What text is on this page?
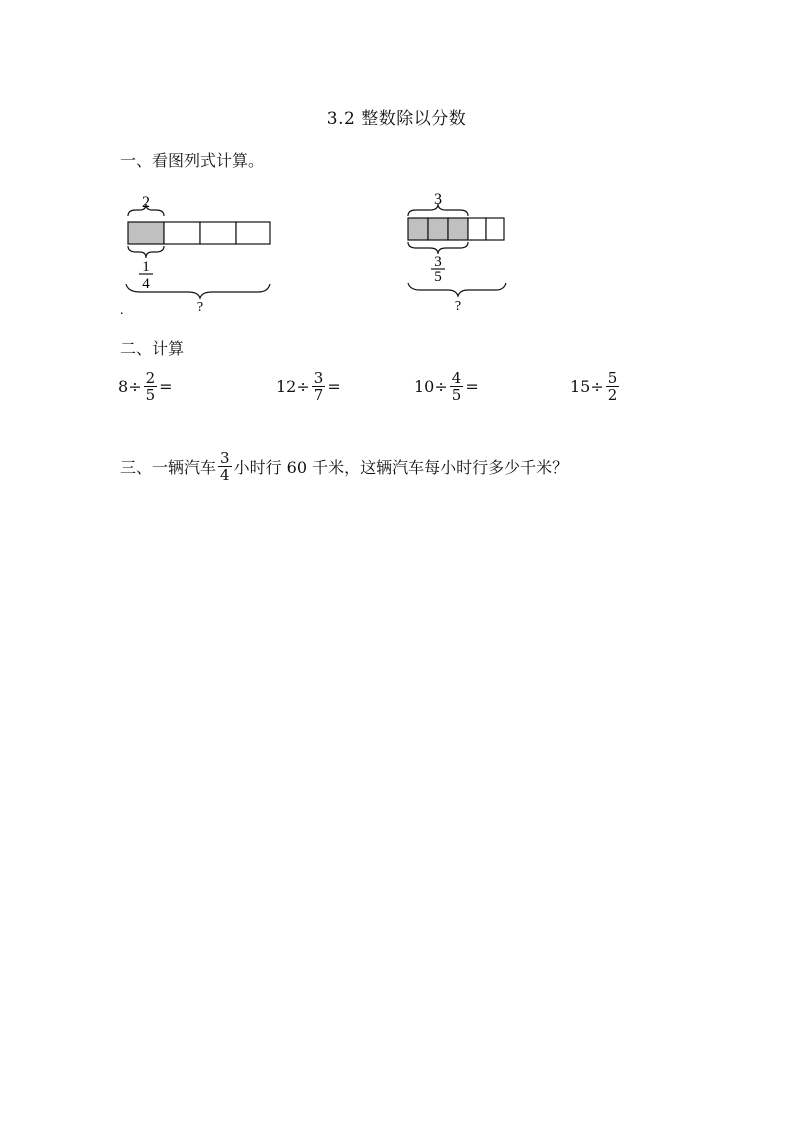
3.2 整数除以分数
一、看图列式计算。
2
1
4
?
.
3
3
5
?
二、计算
$8 \div \frac{2}{5}$ =	$12 \div \frac{3}{7}$ =	$10 \div \frac{4}{5}$ =	$15 \div \frac{5}{2}$
三、一辆汽车 $\frac{3}{4}$ 小时行 60 千米，这辆汽车每小时行多少千米？
